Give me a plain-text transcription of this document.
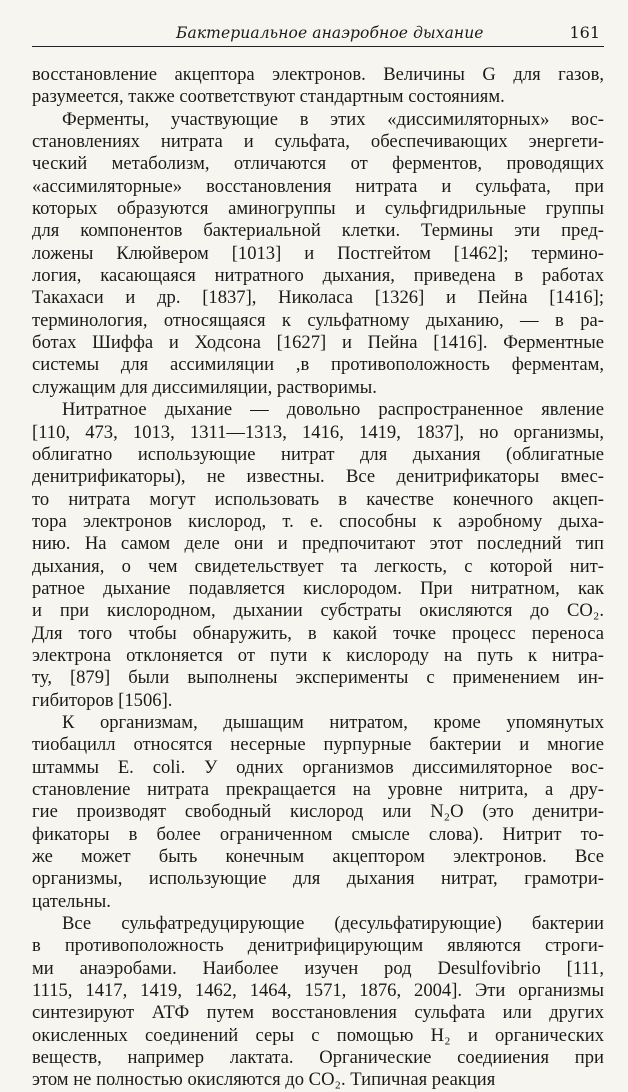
Бактериальное анаэробное дыхание	161
восстановление акцептора электронов. Величины G для газов,
разумеется, также соответствуют стандартным состояниям.
Ферменты, участвующие в этих «диссимиляторных» вос-
становлениях нитрата и сульфата, обеспечивающих энергети-
ческий метаболизм, отличаются от ферментов, проводящих
«ассимиляторные» восстановления нитрата и сульфата, при
которых образуются аминогруппы и сульфгидрильные группы
для компонентов бактериальной клетки. Термины эти пред-
ложены Клюйвером [1013] и Постгейтом [1462]; термино-
логия, касающаяся нитратного дыхания, приведена в работах
Такахаси и др. [1837], Николаса [1326] и Пейна [1416];
терминология, относящаяся к сульфатному дыханию, — в ра-
ботах Шиффа и Ходсона [1627] и Пейна [1416]. Ферментные
системы для ассимиляции ,в противоположность ферментам,
служащим для диссимиляции, растворимы.
Нитратное дыхание — довольно распространенное явление
[110, 473, 1013, 1311—1313, 1416, 1419, 1837], но организмы,
облигатно использующие нитрат для дыхания (облигатные
денитрификаторы), не известны. Все денитрификаторы вмес-
то нитрата могут использовать в качестве конечного акцеп-
тора электронов кислород, т. е. способны к аэробному дыха-
нию. На самом деле они и предпочитают этот последний тип
дыхания, о чем свидетельствует та легкость, с которой нит-
ратное дыхание подавляется кислородом. При нитратном, как
и при кислородном, дыхании субстраты окисляются до CO₂.
Для того чтобы обнаружить, в какой точке процесс переноса
электрона отклоняется от пути к кислороду на путь к нитра-
ту, [879] были выполнены эксперименты с применением ин-
гибиторов [1506].
К организмам, дышащим нитратом, кроме упомянутых
тиобацилл относятся несерные пурпурные бактерии и многие
штаммы E. coli. У одних организмов диссимиляторное вос-
становление нитрата прекращается на уровне нитрита, а дру-
гие производят свободный кислород или N₂O (это денитри-
фикаторы в более ограниченном смысле слова). Нитрит то-
же может быть конечным акцептором электронов. Все
организмы, использующие для дыхания нитрат, грамотри-
цательны.
Все сульфатредуцирующие (десульфатирующие) бактерии
в противоположность денитрифицирующим являются строги-
ми анаэробами. Наиболее изучен род Desulfovibrio [111,
1115, 1417, 1419, 1462, 1464, 1571, 1876, 2004]. Эти организмы
синтезируют АТФ путем восстановления сульфата или других
окисленных соединений серы с помощью H₂ и органических
веществ, например лактата. Органические соедииения при
этом не полностью окисляются до CO₂. Типичная реакция
